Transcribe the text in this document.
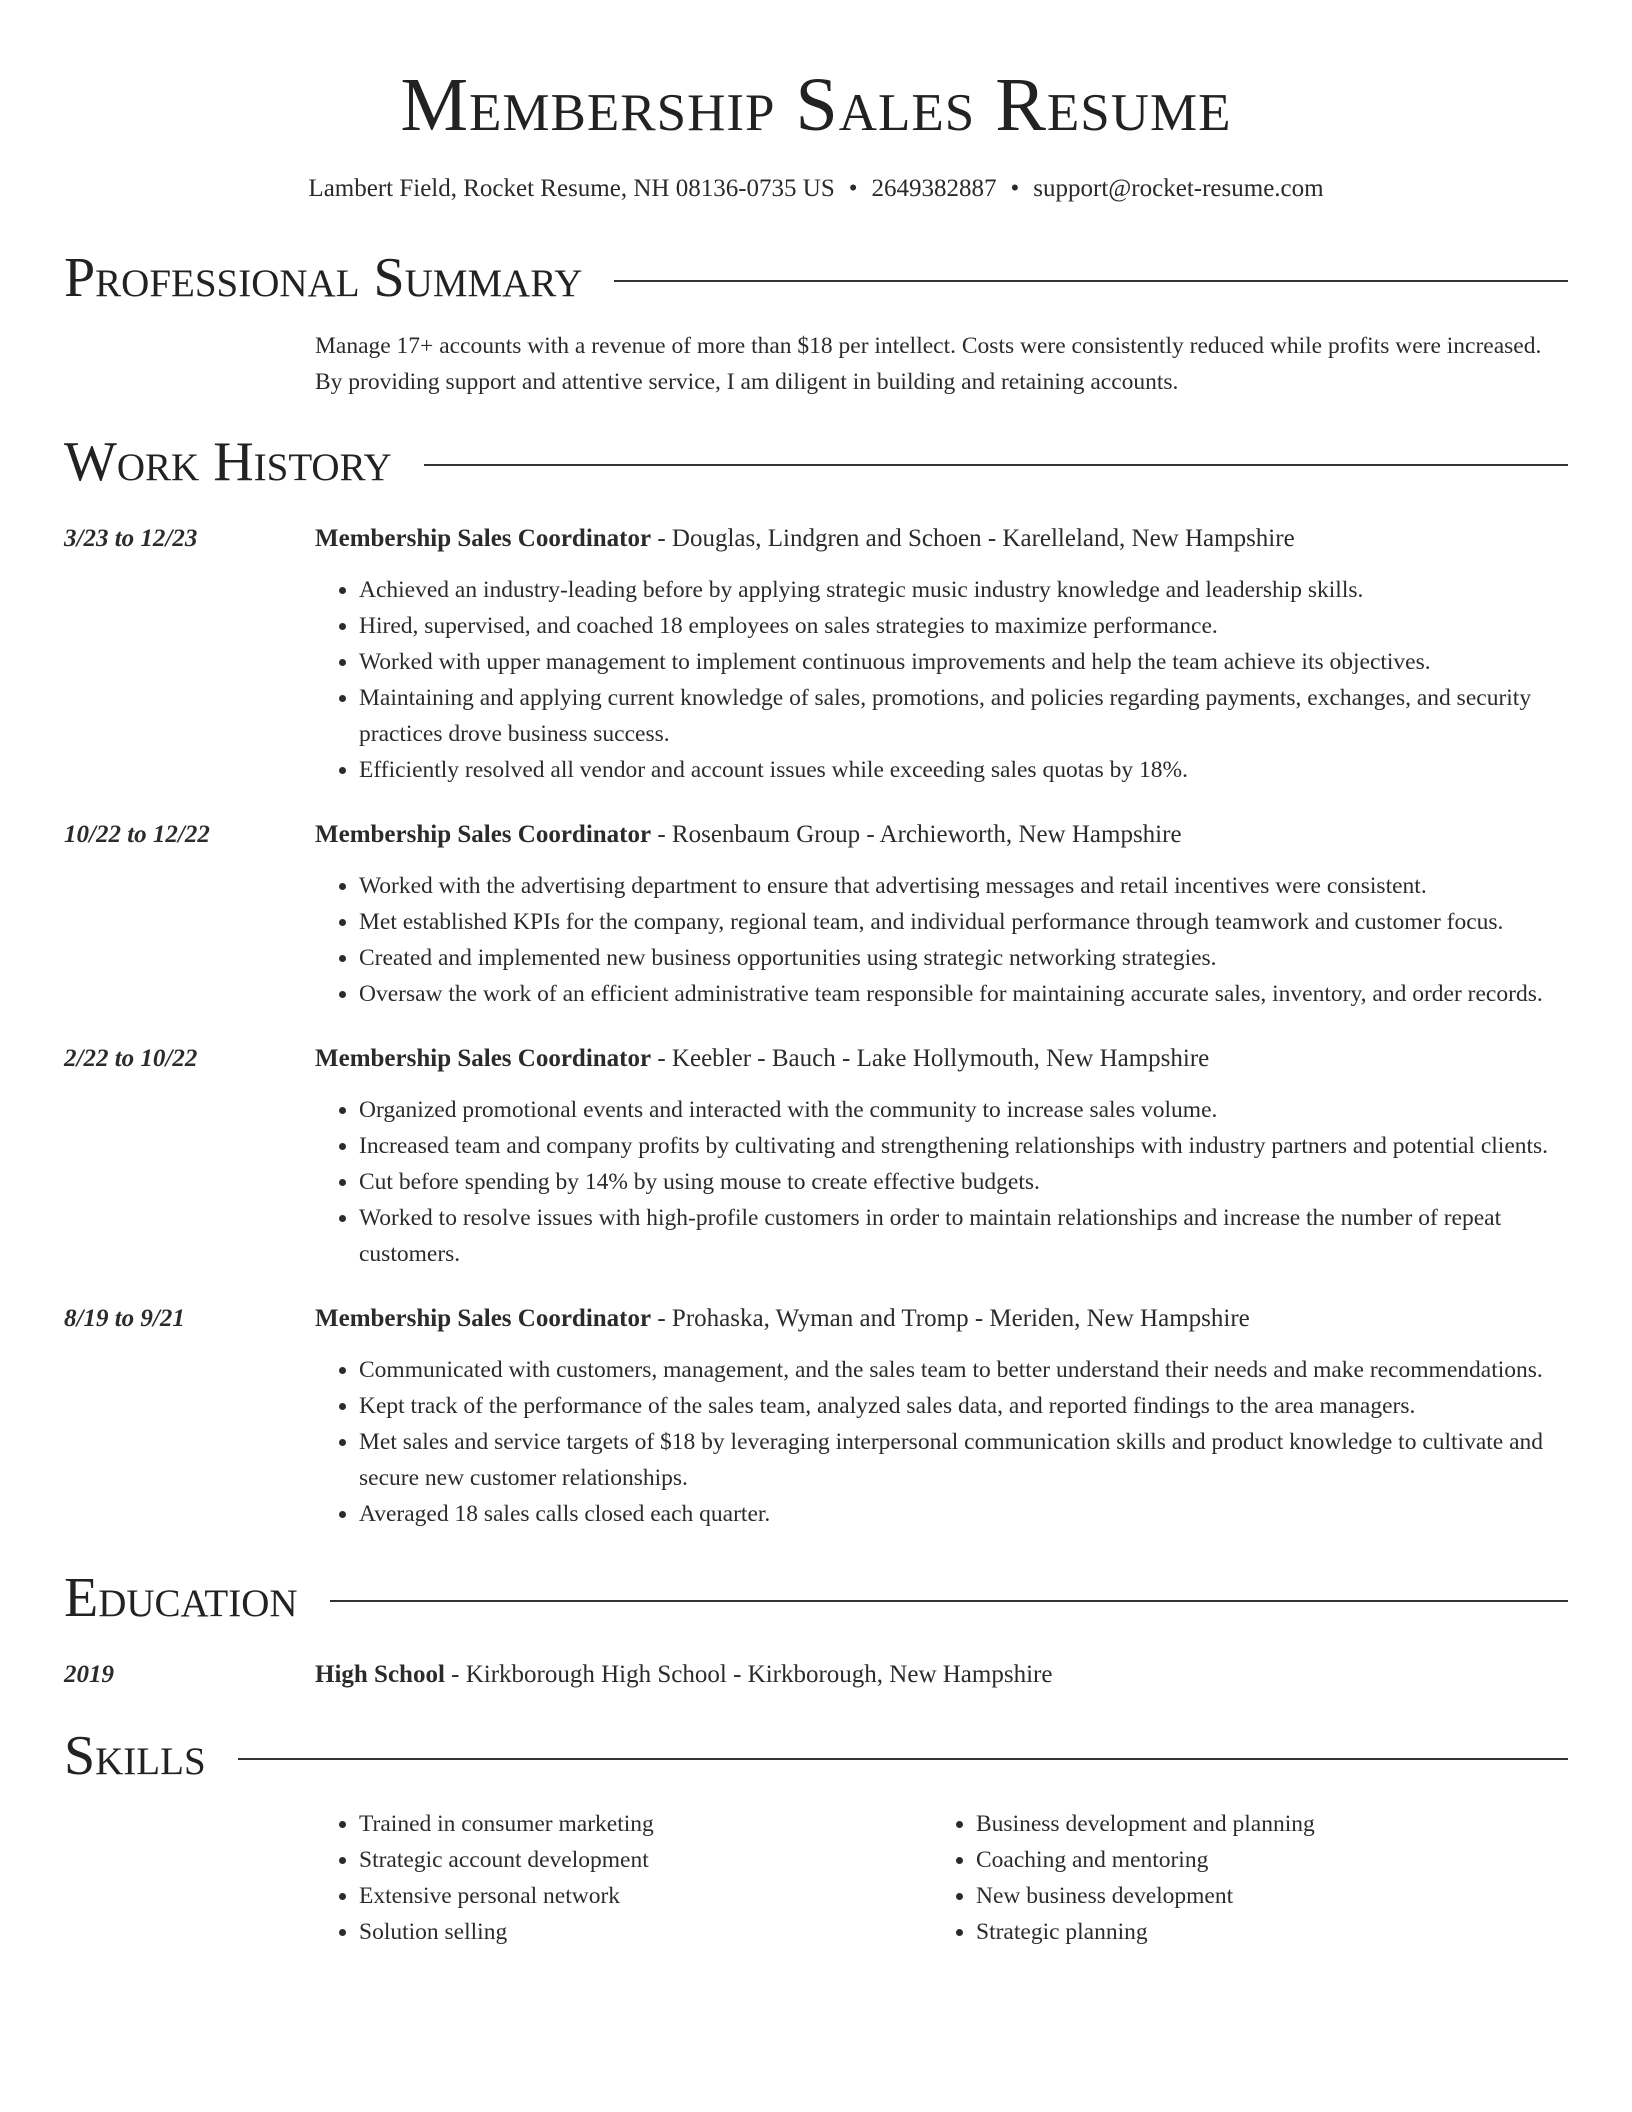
Membership Sales Resume
Lambert Field, Rocket Resume, NH 08136-0735 US • 2649382887 • support@rocket-resume.com
Professional Summary

Manage 17+ accounts with a revenue of more than $18 per intellect. Costs were consistently reduced while profits were increased. By providing support and attentive service, I am diligent in building and retaining accounts.

Work History
3/23 to 12/23	Membership Sales Coordinator - Douglas, Lindgren and Schoen - Karelleland, New Hampshire
• Achieved an industry-leading before by applying strategic music industry knowledge and leadership skills.
• Hired, supervised, and coached 18 employees on sales strategies to maximize performance.
• Worked with upper management to implement continuous improvements and help the team achieve its objectives.
• Maintaining and applying current knowledge of sales, promotions, and policies regarding payments, exchanges, and security practices drove business success.
• Efficiently resolved all vendor and account issues while exceeding sales quotas by 18%.
10/22 to 12/22	Membership Sales Coordinator - Rosenbaum Group - Archieworth, New Hampshire
• Worked with the advertising department to ensure that advertising messages and retail incentives were consistent.
• Met established KPIs for the company, regional team, and individual performance through teamwork and customer focus.
• Created and implemented new business opportunities using strategic networking strategies.
• Oversaw the work of an efficient administrative team responsible for maintaining accurate sales, inventory, and order records.
2/22 to 10/22	Membership Sales Coordinator - Keebler - Bauch - Lake Hollymouth, New Hampshire
• Organized promotional events and interacted with the community to increase sales volume.
• Increased team and company profits by cultivating and strengthening relationships with industry partners and potential clients.
• Cut before spending by 14% by using mouse to create effective budgets.
• Worked to resolve issues with high-profile customers in order to maintain relationships and increase the number of repeat customers.
8/19 to 9/21	Membership Sales Coordinator - Prohaska, Wyman and Tromp - Meriden, New Hampshire
• Communicated with customers, management, and the sales team to better understand their needs and make recommendations.
• Kept track of the performance of the sales team, analyzed sales data, and reported findings to the area managers.
• Met sales and service targets of $18 by leveraging interpersonal communication skills and product knowledge to cultivate and secure new customer relationships.
• Averaged 18 sales calls closed each quarter.
Education
2019	High School - Kirkborough High School - Kirkborough, New Hampshire
Skills
• Trained in consumer marketing
• Strategic account development
• Extensive personal network
• Solution selling
• Business development and planning
• Coaching and mentoring
• New business development
• Strategic planning
